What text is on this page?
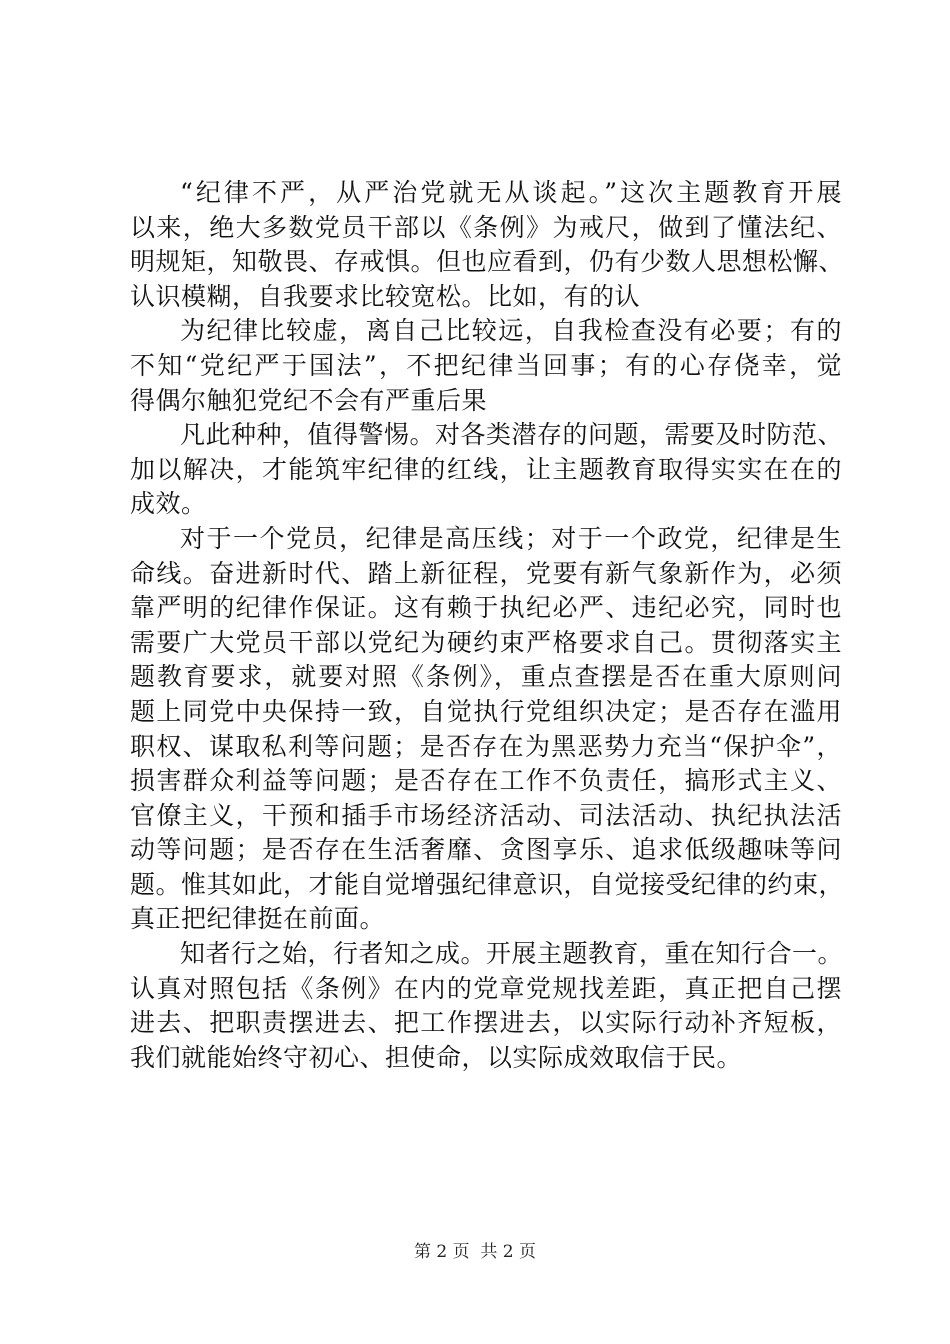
“纪律不严，从严治党就无从谈起。”这次主题教育开展
以来，绝大多数党员干部以《条例》为戒尺，做到了懂法纪、
明规矩，知敬畏、存戒惧。但也应看到，仍有少数人思想松懈、
认识模糊，自我要求比较宽松。比如，有的认
为纪律比较虚，离自己比较远，自我检查没有必要；有的
不知“党纪严于国法”，不把纪律当回事；有的心存侥幸，觉
得偶尔触犯党纪不会有严重后果
凡此种种，值得警惕。对各类潜存的问题，需要及时防范、
加以解决，才能筑牢纪律的红线，让主题教育取得实实在在的
成效。
对于一个党员，纪律是高压线；对于一个政党，纪律是生
命线。奋进新时代、踏上新征程，党要有新气象新作为，必须
靠严明的纪律作保证。这有赖于执纪必严、违纪必究，同时也
需要广大党员干部以党纪为硬约束严格要求自己。贯彻落实主
题教育要求，就要对照《条例》，重点查摆是否在重大原则问
题上同党中央保持一致，自觉执行党组织决定；是否存在滥用
职权、谋取私利等问题；是否存在为黑恶势力充当“保护伞”，
损害群众利益等问题；是否存在工作不负责任，搞形式主义、
官僚主义，干预和插手市场经济活动、司法活动、执纪执法活
动等问题；是否存在生活奢靡、贪图享乐、追求低级趣味等问
题。惟其如此，才能自觉增强纪律意识，自觉接受纪律的约束，
真正把纪律挺在前面。
知者行之始，行者知之成。开展主题教育，重在知行合一。
认真对照包括《条例》在内的党章党规找差距，真正把自己摆
进去、把职责摆进去、把工作摆进去，以实际行动补齐短板，
我们就能始终守初心、担使命，以实际成效取信于民。
第 2 页  共 2 页
